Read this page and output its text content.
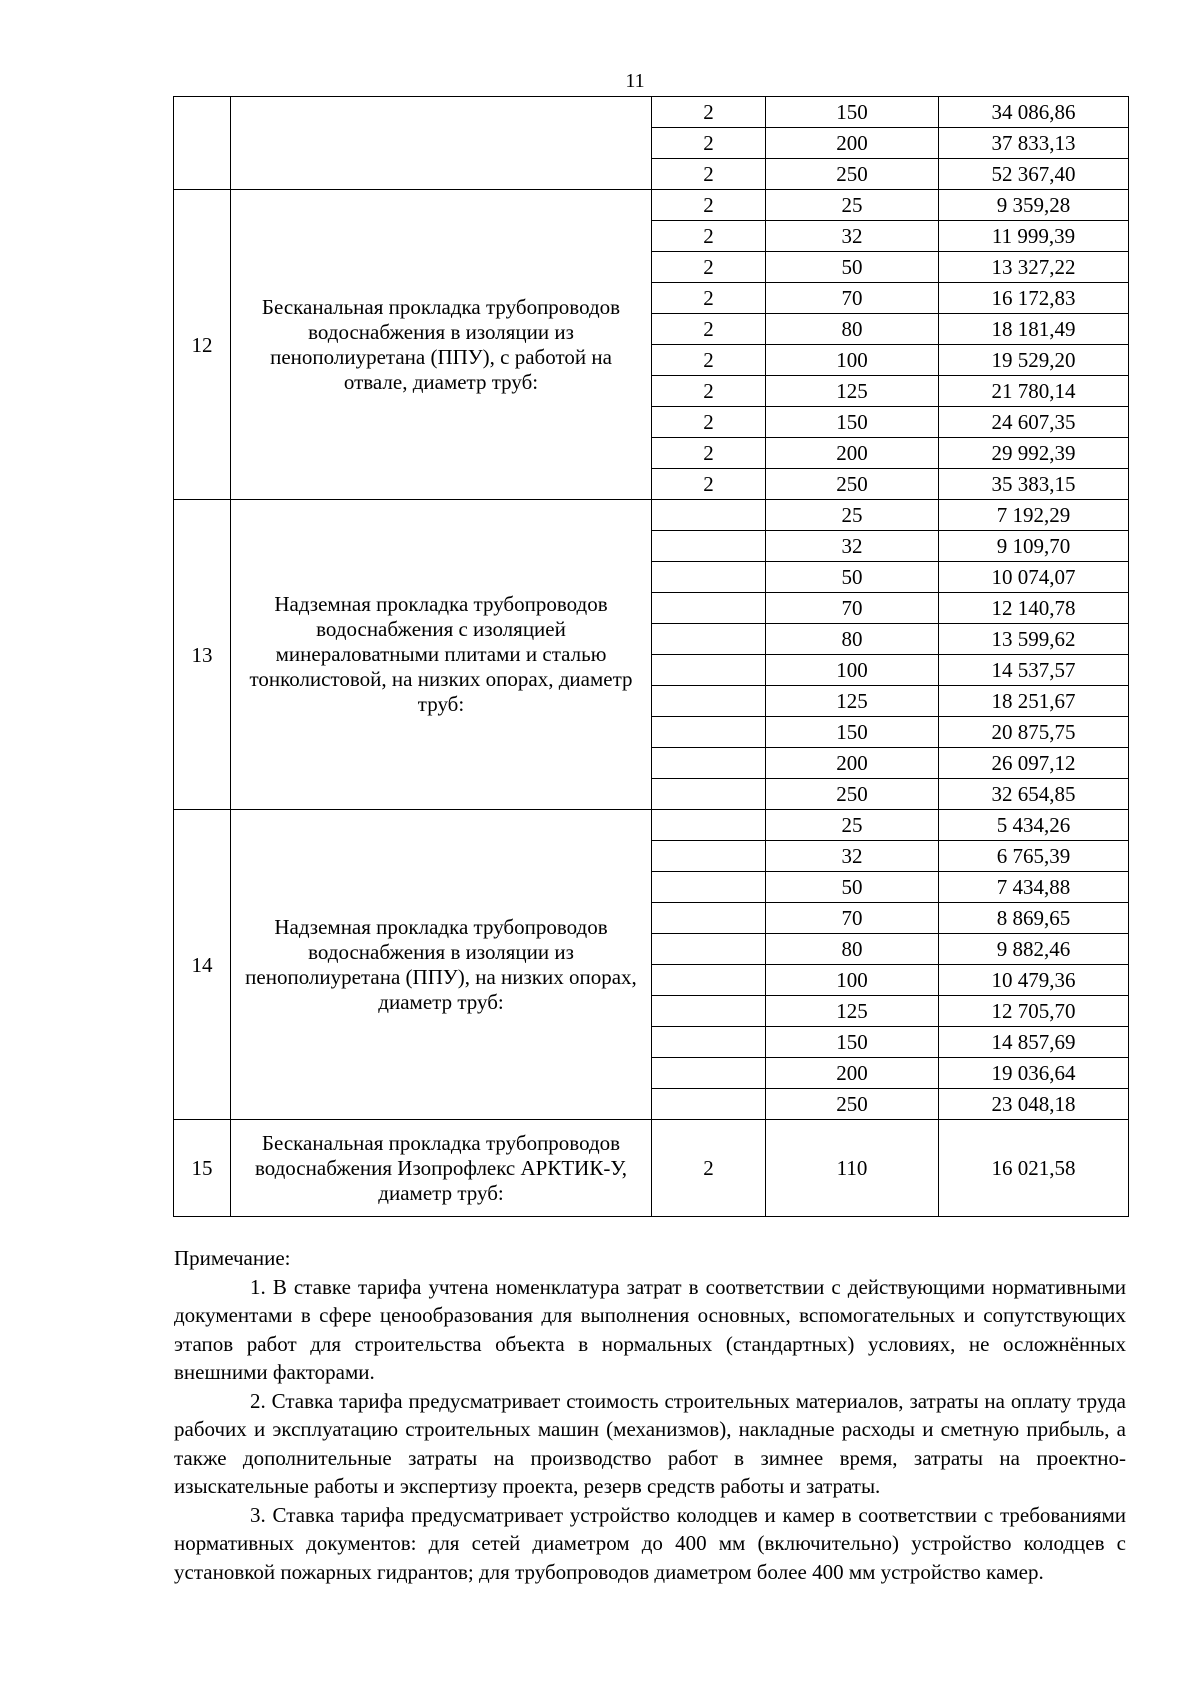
11
		2	150	34 086,86
		2	200	37 833,13
		2	250	52 367,40
12	Бесканальная прокладка трубопроводов водоснабжения в изоляции из пенополиуретана (ППУ), с работой на отвале, диаметр труб:	2	25	9 359,28
		2	32	11 999,39
		2	50	13 327,22
		2	70	16 172,83
		2	80	18 181,49
		2	100	19 529,20
		2	125	21 780,14
		2	150	24 607,35
		2	200	29 992,39
		2	250	35 383,15
13	Надземная прокладка трубопроводов водоснабжения с изоляцией минераловатными плитами и сталью тонколистовой, на низких опорах, диаметр труб:		25	7 192,29
			32	9 109,70
			50	10 074,07
			70	12 140,78
			80	13 599,62
			100	14 537,57
			125	18 251,67
			150	20 875,75
			200	26 097,12
			250	32 654,85
14	Надземная прокладка трубопроводов водоснабжения в изоляции из пенополиуретана (ППУ), на низких опорах, диаметр труб:		25	5 434,26
			32	6 765,39
			50	7 434,88
			70	8 869,65
			80	9 882,46
			100	10 479,36
			125	12 705,70
			150	14 857,69
			200	19 036,64
			250	23 048,18
15	Бесканальная прокладка трубопроводов водоснабжения Изопрофлекс АРКТИК-У, диаметр труб:	2	110	16 021,58

Примечание:

1. В ставке тарифа учтена номенклатура затрат в соответствии с действующими нормативными документами в сфере ценообразования для выполнения основных, вспомогательных и сопутствующих этапов работ для строительства объекта в нормальных (стандартных) условиях, не осложнённых внешними факторами.

2. Ставка тарифа предусматривает стоимость строительных материалов, затраты на оплату труда рабочих и эксплуатацию строительных машин (механизмов), накладные расходы и сметную прибыль, а также дополнительные затраты на производство работ в зимнее время, затраты на проектно-изыскательные работы и экспертизу проекта, резерв средств работы и затраты.

3. Ставка тарифа предусматривает устройство колодцев и камер в соответствии с требованиями нормативных документов: для сетей диаметром до 400 мм (включительно) устройство колодцев с установкой пожарных гидрантов; для трубопроводов диаметром более 400 мм устройство камер.
